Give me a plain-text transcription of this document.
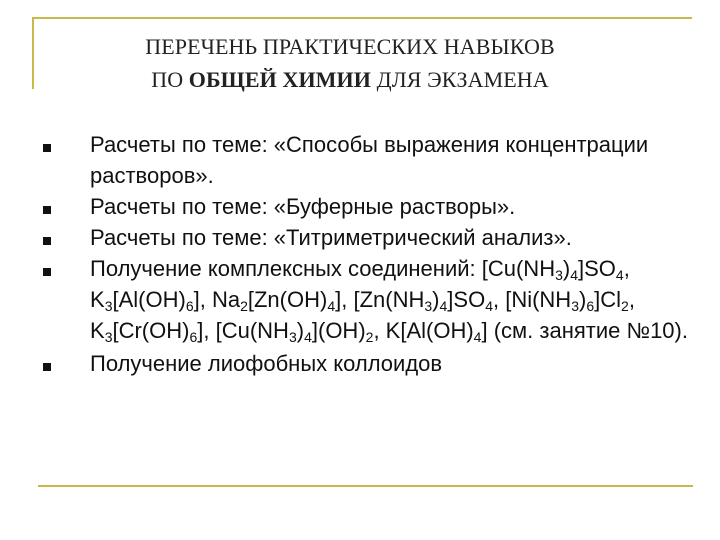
ПЕРЕЧЕНЬ ПРАКТИЧЕСКИХ НАВЫКОВ
ПО ОБЩЕЙ ХИМИИ ДЛЯ ЭКЗАМЕНА
Расчеты по теме: «Способы выражения концентрации растворов».
Расчеты по теме: «Буферные растворы».
Расчеты по теме: «Титриметрический анализ».
Получение комплексных соединений: $[Cu(NH_3)_4]SO_4$, $K_3[Al(OH)_6]$, $Na_2[Zn(OH)_4]$, $[Zn(NH_3)_4]SO_4$, $[Ni(NH_3)_6]Cl_2$, $K_3[Cr(OH)_6]$, $[Cu(NH_3)_4](OH)_2$, $K[Al(OH)_4]$ (см. занятие №10).
Получение лиофобных коллоидов
